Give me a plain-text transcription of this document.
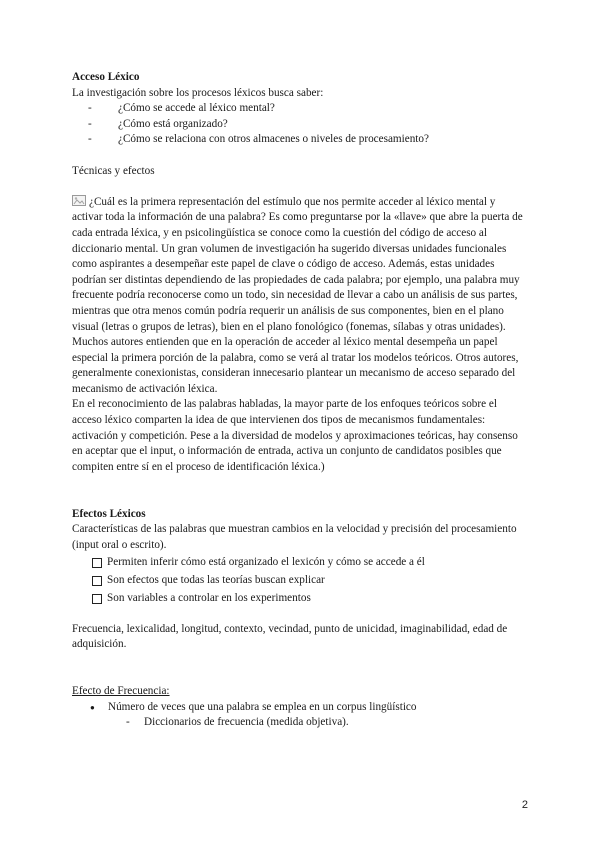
Acceso Léxico

La investigación sobre los procesos léxicos busca saber:

- ¿Cómo se accede al léxico mental?
- ¿Cómo está organizado?
- ¿Cómo se relaciona con otros almacenes o niveles de procesamiento?

Técnicas y efectos

¿Cuál es la primera representación del estímulo que nos permite acceder al léxico mental y activar toda la información de una palabra? Es como preguntarse por la «llave» que abre la puerta de cada entrada léxica, y en psicolingüística se conoce como la cuestión del código de acceso al diccionario mental. Un gran volumen de investigación ha sugerido diversas unidades funcionales como aspirantes a desempeñar este papel de clave o código de acceso. Además, estas unidades podrían ser distintas dependiendo de las propiedades de cada palabra; por ejemplo, una palabra muy frecuente podría reconocerse como un todo, sin necesidad de llevar a cabo un análisis de sus partes, mientras que otra menos común podría requerir un análisis de sus componentes, bien en el plano visual (letras o grupos de letras), bien en el plano fonológico (fonemas, sílabas y otras unidades). Muchos autores entienden que en la operación de acceder al léxico mental desempeña un papel especial la primera porción de la palabra, como se verá al tratar los modelos teóricos. Otros autores, generalmente conexionistas, consideran innecesario plantear un mecanismo de acceso separado del mecanismo de activación léxica.

En el reconocimiento de las palabras habladas, la mayor parte de los enfoques teóricos sobre el acceso léxico comparten la idea de que intervienen dos tipos de mecanismos fundamentales: activación y competición. Pese a la diversidad de modelos y aproximaciones teóricas, hay consenso en aceptar que el input, o información de entrada, activa un conjunto de candidatos posibles que compiten entre sí en el proceso de identificación léxica.)

Efectos Léxicos

Características de las palabras que muestran cambios en la velocidad y precisión del procesamiento (input oral o escrito).

Permiten inferir cómo está organizado el lexicón y cómo se accede a él
Son efectos que todas las teorías buscan explicar
Son variables a controlar en los experimentos

Frecuencia, lexicalidad, longitud, contexto, vecindad, punto de unicidad, imaginabilidad, edad de adquisición.

Efecto de Frecuencia:

● Número de veces que una palabra se emplea en un corpus lingüístico
- Diccionarios de frecuencia (medida objetiva).
2
